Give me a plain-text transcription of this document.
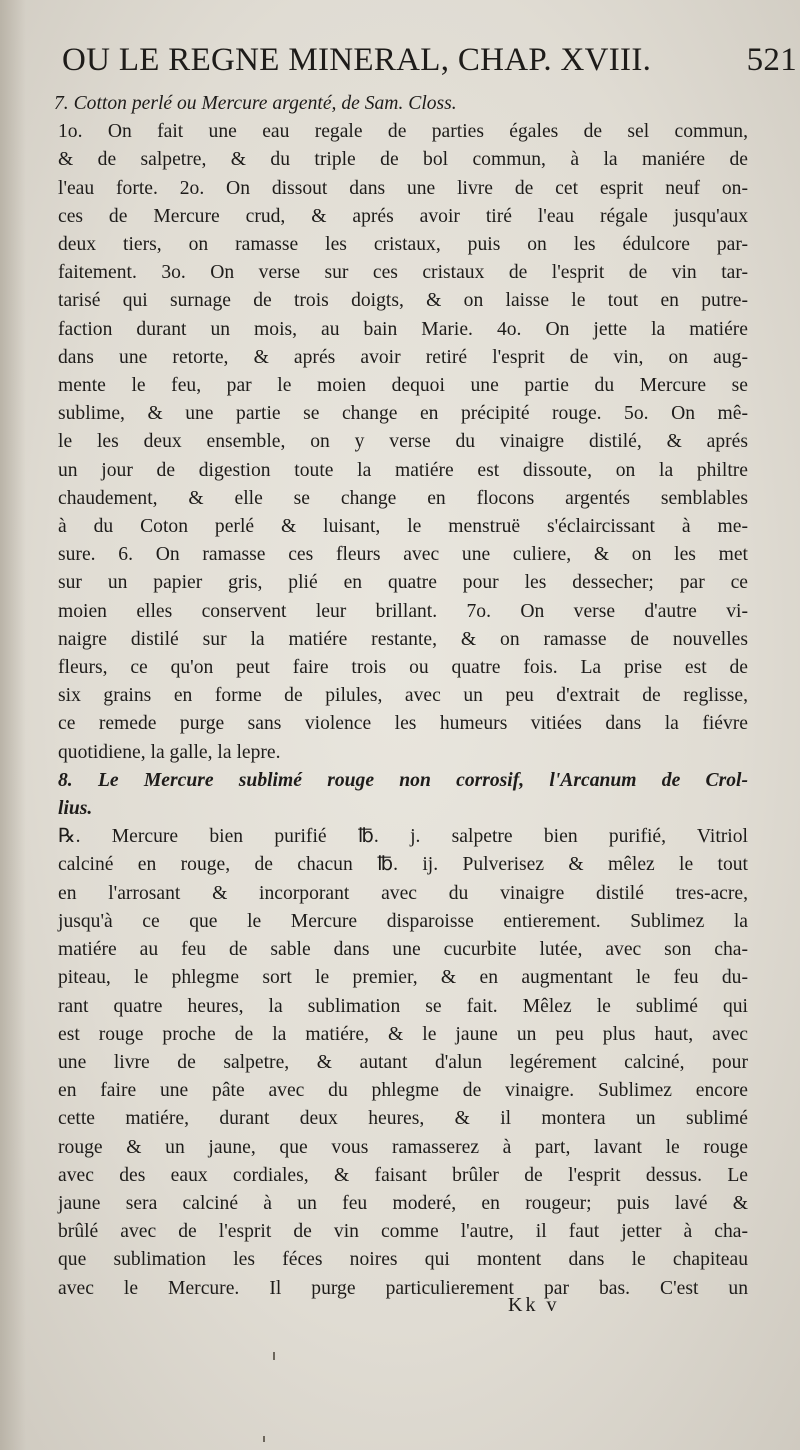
OU LE REGNE MINERAL, CHAP. XVIII.	521

7. Cotton perlé ou Mercure argenté, de Sam. Closs.

1o. On fait une eau regale de parties égales de sel commun,
& de salpetre, & du triple de bol commun, à la maniére de
l'eau forte. 2o. On dissout dans une livre de cet esprit neuf on-
ces de Mercure crud, & aprés avoir tiré l'eau régale jusqu'aux
deux tiers, on ramasse les cristaux, puis on les édulcore par-
faitement. 3o. On verse sur ces cristaux de l'esprit de vin tar-
tarisé qui surnage de trois doigts, & on laisse le tout en putre-
faction durant un mois, au bain Marie. 4o. On jette la matiére
dans une retorte, & aprés avoir retiré l'esprit de vin, on aug-
mente le feu, par le moien dequoi une partie du Mercure se
sublime, & une partie se change en précipité rouge. 5o. On mê-
le les deux ensemble, on y verse du vinaigre distilé, & aprés
un jour de digestion toute la matiére est dissoute, on la philtre
chaudement, & elle se change en flocons argentés semblables
à du Coton perlé & luisant, le menstruë s'éclaircissant à me-
sure. 6. On ramasse ces fleurs avec une culiere, & on les met
sur un papier gris, plié en quatre pour les dessecher; par ce
moien elles conservent leur brillant. 7o. On verse d'autre vi-
naigre distilé sur la matiére restante, & on ramasse de nouvelles
fleurs, ce qu'on peut faire trois ou quatre fois. La prise est de
six grains en forme de pilules, avec un peu d'extrait de reglisse,
ce remede purge sans violence les humeurs vitiées dans la fiévre
quotidiene, la galle, la lepre.

8. Le Mercure sublimé rouge non corrosif, l'Arcanum de Crol-
lius.

℞. Mercure bien purifié ℔. j. salpetre bien purifié, Vitriol
calciné en rouge, de chacun ℔. ij. Pulverisez & mêlez le tout
en l'arrosant & incorporant avec du vinaigre distilé tres-acre,
jusqu'à ce que le Mercure disparoisse entierement. Sublimez la
matiére au feu de sable dans une cucurbite lutée, avec son cha-
piteau, le phlegme sort le premier, & en augmentant le feu du-
rant quatre heures, la sublimation se fait. Mêlez le sublimé qui
est rouge proche de la matiére, & le jaune un peu plus haut, avec
une livre de salpetre, & autant d'alun legérement calciné, pour
en faire une pâte avec du phlegme de vinaigre. Sublimez encore
cette matiére, durant deux heures, & il montera un sublimé
rouge & un jaune, que vous ramasserez à part, lavant le rouge
avec des eaux cordiales, & faisant brûler de l'esprit dessus. Le
jaune sera calciné à un feu moderé, en rougeur; puis lavé &
brûlé avec de l'esprit de vin comme l'autre, il faut jetter à cha-
que sublimation les féces noires qui montent dans le chapiteau
avec le Mercure. Il purge particulierement par bas. C'est un

Kk v
